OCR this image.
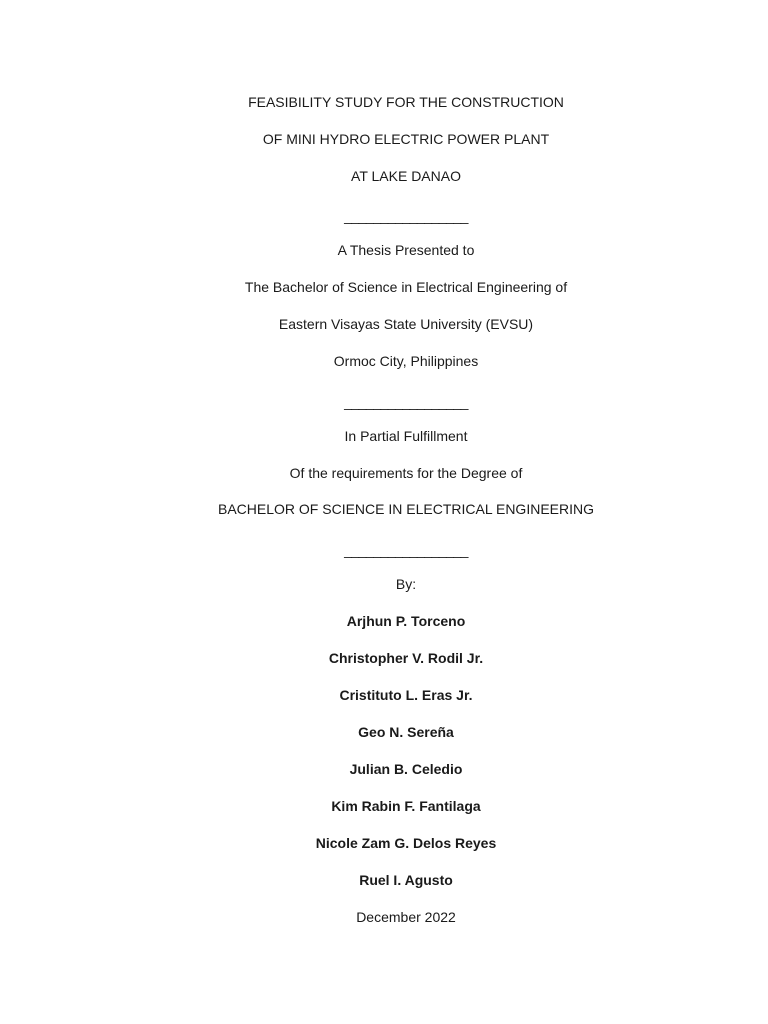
FEASIBILITY STUDY FOR THE CONSTRUCTION
OF MINI HYDRO ELECTRIC POWER PLANT
AT LAKE DANAO
_________________
A Thesis Presented to
The Bachelor of Science in Electrical Engineering of
Eastern Visayas State University (EVSU)
Ormoc City, Philippines
_________________
In Partial Fulfillment
Of the requirements for the Degree of
BACHELOR OF SCIENCE IN ELECTRICAL ENGINEERING
_________________
By:
Arjhun P. Torceno
Christopher V. Rodil Jr.
Cristituto L. Eras Jr.
Geo N. Sereña
Julian B. Celedio
Kim Rabin F. Fantilaga
Nicole Zam G. Delos Reyes
Ruel I. Agusto
December 2022
